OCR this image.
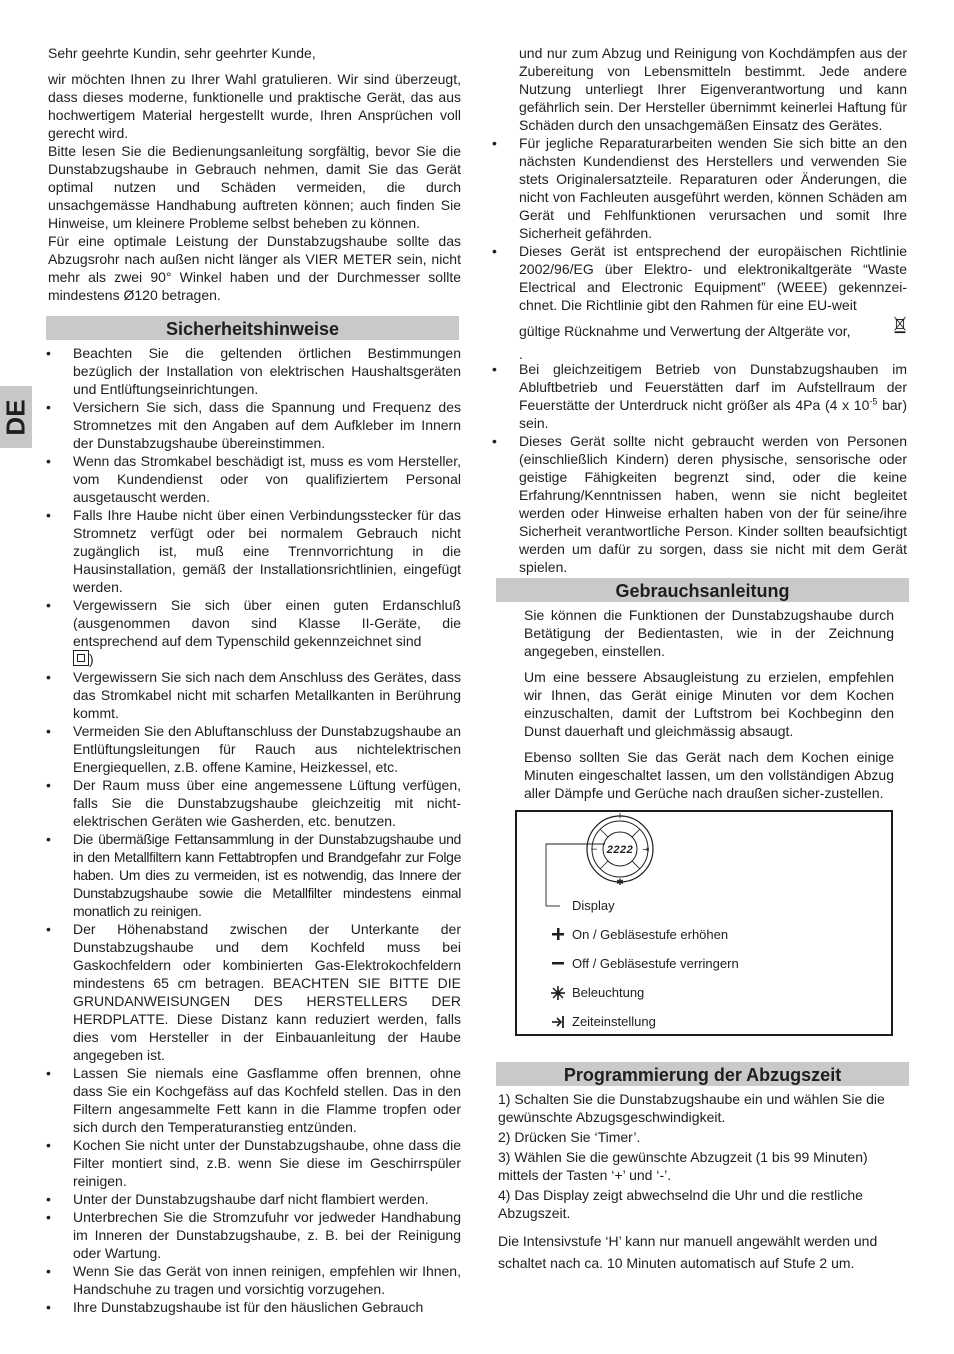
DE

Sehr geehrte Kundin, sehr geehrter Kunde,

wir möchten Ihnen zu Ihrer Wahl gratulieren. Wir sind überzeugt, dass dieses moderne, funktionelle und praktische Gerät, das aus hochwertigem Material hergestellt wurde, Ihren Ansprüchen voll gerecht wird.

Bitte lesen Sie die Bedienungsanleitung sorgfältig, bevor Sie die Dunstabzugshaube in Gebrauch nehmen, damit Sie das Gerät optimal nutzen und Schäden vermeiden, die durch unsachgemässe Handhabung auftreten können; auch finden Sie Hinweise, um kleinere Probleme selbst beheben zu können.

Für eine optimale Leistung der Dunstabzugshaube sollte das Abzugsrohr nach außen nicht länger als VIER METER sein, nicht mehr als zwei 90° Winkel haben und der Durchmesser sollte mindestens Ø120 betragen.

Sicherheitshinweise
• Beachten Sie die geltenden örtlichen Bestimmungen bezüglich der Installation von elektrischen Haushaltsgeräten und Entlüftungseinrichtungen.
• Versichern Sie sich, dass die Spannung und Frequenz des Stromnetzes mit den Angaben auf dem Aufkleber im Innern der Dunstabzugshaube übereinstimmen.
• Wenn das Stromkabel beschädigt ist, muss es vom Hersteller, vom Kundendienst oder von qualifiziertem Personal ausgetauscht werden.
• Falls Ihre Haube nicht über einen Verbindungsstecker für das Stromnetz verfügt oder bei normalem Gebrauch nicht zugänglich ist, muß eine Trennvorrichtung in die Hausinstallation, gemäß der Installationsrichtlinien, eingefügt werden.
• Vergewissern Sie sich über einen guten Erdanschluß (ausgenommen davon sind Klasse II-Geräte, die entsprechend auf dem Typenschild gekennzeichnet sind
)
• Vergewissern Sie sich nach dem Anschluss des Gerätes, dass das Stromkabel nicht mit scharfen Metallkanten in Berührung kommt.
• Vermeiden Sie den Abluftanschluss der Dunstabzugshaube an Entlüftungsleitungen für Rauch aus nichtelektrischen Energiequellen, z.B. offene Kamine, Heizkessel, etc.
• Der Raum muss über eine angemessene Lüftung verfügen, falls Sie die Dunstabzugshaube gleichzeitig mit nicht-elektrischen Geräten wie Gasherden, etc. benutzen.
• Die übermäßige Fettansammlung in der Dunstabzugshaube und in den Metallfiltern kann Fettabtropfen und Brandgefahr zur Folge haben. Um dies zu vermeiden, ist es notwendig, das Innere der Dunstabzugshaube sowie die Metallfilter mindestens einmal monatlich zu reinigen.
• Der Höhenabstand zwischen der Unterkante der Dunstabzugshaube und dem Kochfeld muss bei Gaskochfeldern oder kombinierten Gas-Elektrokochfeldern mindestens 65 cm betragen. BEACHTEN SIE BITTE DIE GRUNDANWEISUNGEN DES HERSTELLERS DER HERDPLATTE. Diese Distanz kann reduziert werden, falls dies vom Hersteller in der Einbauanleitung der Haube angegeben ist.
• Lassen Sie niemals eine Gasflamme offen brennen, ohne dass Sie ein Kochgefäss auf das Kochfeld stellen. Das in den Filtern angesammelte Fett kann in die Flamme tropfen oder sich durch den Temperaturanstieg entzünden.
• Kochen Sie nicht unter der Dunstabzugshaube, ohne dass die Filter montiert sind, z.B. wenn Sie diese im Geschirrspüler reinigen.
• Unter der Dunstabzugshaube darf nicht flambiert werden.
• Unterbrechen Sie die Stromzufuhr vor jedweder Handhabung im Inneren der Dunstabzugshaube, z. B. bei der Reinigung oder Wartung.
• Wenn Sie das Gerät von innen reinigen, empfehlen wir Ihnen, Handschuhe zu tragen und vorsichtig vorzugehen.
• Ihre Dunstabzugshaube ist für den häuslichen Gebrauch

und nur zum Abzug und Reinigung von Kochdämpfen aus der Zubereitung von Lebensmitteln bestimmt. Jede andere Nutzung unterliegt Ihrer Eigenverantwortung und kann gefährlich sein. Der Hersteller übernimmt keinerlei Haftung für Schäden durch den unsachgemäßen Einsatz des Gerätes.

• Für jegliche Reparaturarbeiten wenden Sie sich bitte an den nächsten Kundendienst des Herstellers und verwenden Sie stets Originalersatzteile. Reparaturen oder Änderungen, die nicht von Fachleuten ausgeführt werden, können Schäden am Gerät und Fehlfunktionen verursachen und somit Ihre Sicherheit gefährden.
• Dieses Gerät ist entsprechend der europäischen Richtlinie 2002/96/EG über Elektro- und elektronikaltgeräte “Waste Electrical and Electronic Equipment” (WEEE) gekennzei-chnet. Die Richtlinie gibt den Rahmen für eine EU-weit
gültige Rücknahme und Verwertung der Altgeräte vor,
.
• Bei gleichzeitigem Betrieb von Dunstabzugshauben im Abluftbetrieb und Feuerstätten darf im Aufstellraum der Feuerstätte der Unterdruck nicht größer als 4Pa (4 x $10^{-5}$ bar) sein.
• Dieses Gerät sollte nicht gebraucht werden von Personen (einschließlich Kindern) deren physische, sensorische oder geistige Fähigkeiten begrenzt sind, oder die keine Erfahrung/Kenntnissen haben, wenn sie nicht begleitet werden oder Hinweise erhalten haben von der für seine/ihre Sicherheit verantwortliche Person. Kinder sollten beaufsichtigt werden um dafür zu sorgen, dass sie nicht mit dem Gerät spielen.
Gebrauchsanleitung

Sie können die Funktionen der Dunstabzugshaube durch Betätigung der Bedientasten, wie in der Zeichnung angegeben, einstellen.

Um eine bessere Absaugleistung zu erzielen, empfehlen wir Ihnen, das Gerät einige Minuten vor dem Kochen einzuschalten, damit der Luftstrom bei Kochbeginn den Dunst dauerhaft und gleichmässig absaugt.

Ebenso sollten Sie das Gerät nach dem Kochen einige Minuten eingeschaltet lassen, um den vollständigen Abzug aller Dämpfe und Gerüche nach draußen sicher-zustellen.

+
✱
−	⇥
2222
Display
On / Gebläsestufe erhöhen
Off / Gebläsestufe verringern
Beleuchtung
Zeiteinstellung
Programmierung der Abzugszeit

1) Schalten Sie die Dunstabzugshaube ein und wählen Sie die gewünschte Abzugsgeschwindigkeit.

2) Drücken Sie ‘Timer’.

3) Wählen Sie die gewünschte Abzugzeit (1 bis 99 Minuten) mittels der Tasten ‘+’ und ‘-’.

4) Das Display zeigt abwechselnd die Uhr und die restliche Abzugszeit.

Die Intensivstufe ‘H’ kann nur manuell angewählt werden und

schaltet nach ca. 10 Minuten automatisch auf Stufe 2 um.
